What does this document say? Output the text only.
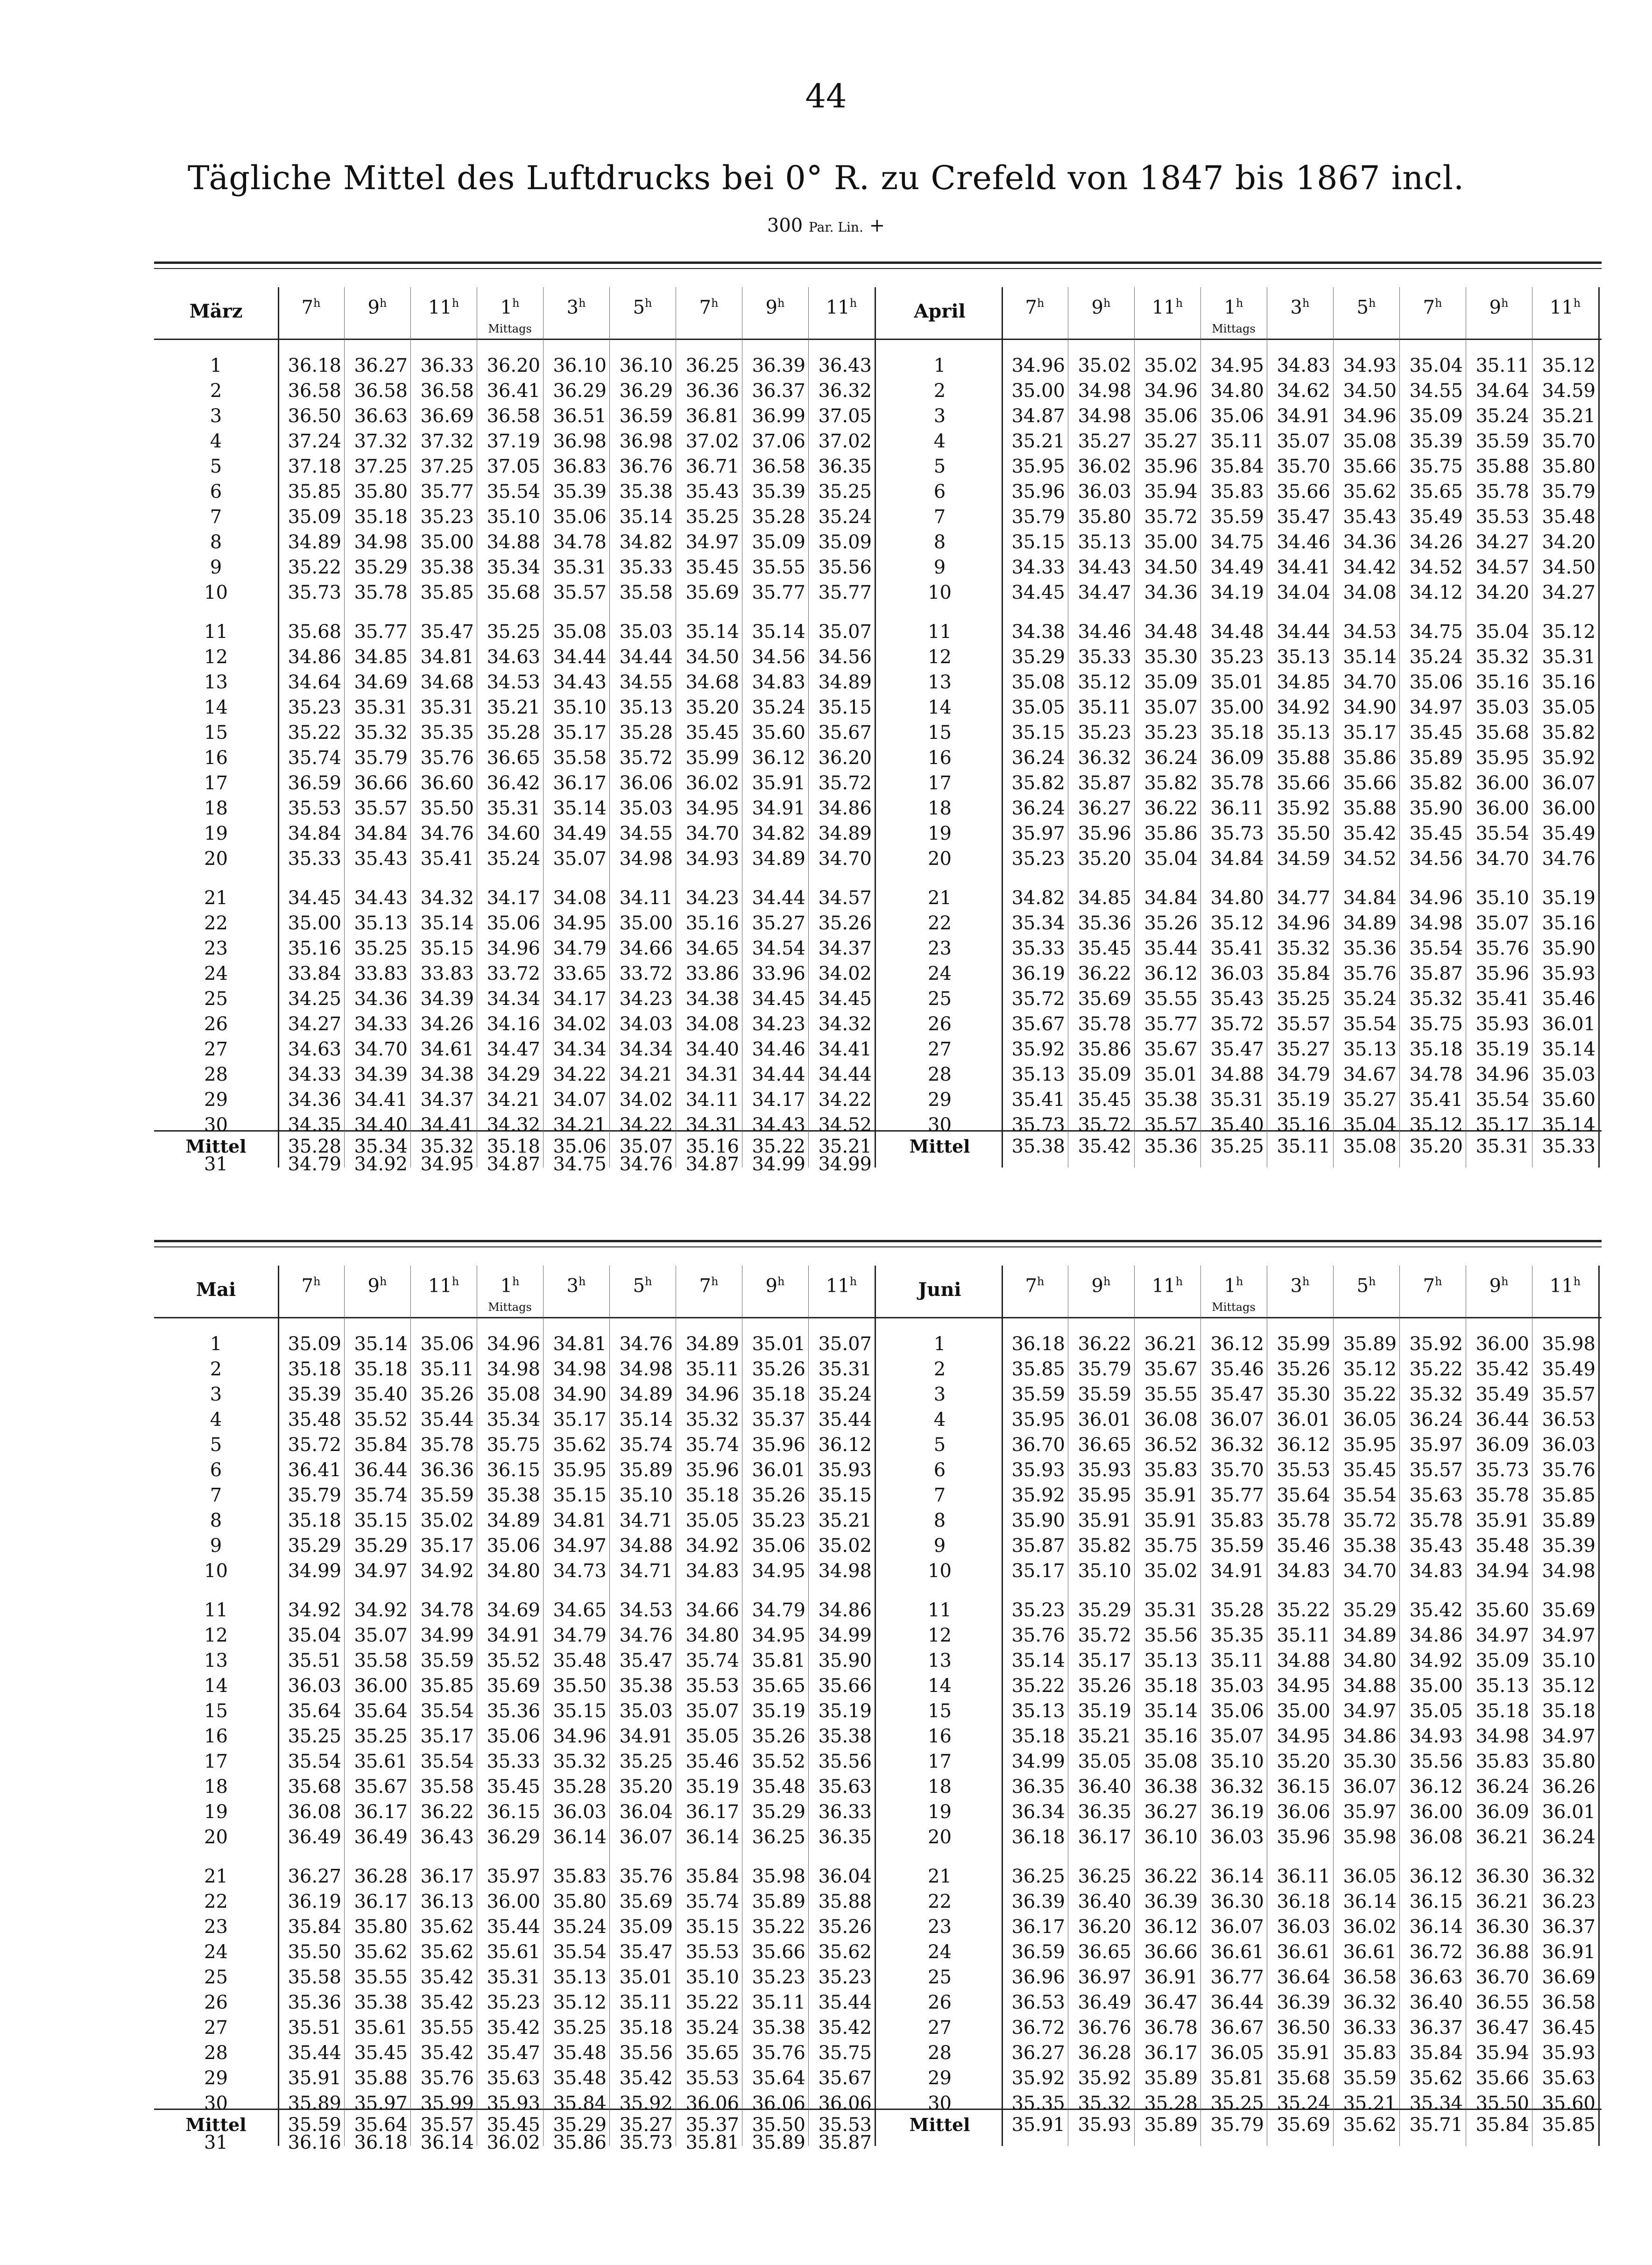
44
Tägliche Mittel des Luftdrucks bei 0° R. zu Crefeld von 1847 bis 1867 incl.
300 Par. Lin. +
März	7$^h$	9$^h$	11$^h$	1$^h$
Mittags
3$^h$	5$^h$	7$^h$	9$^h$	11$^h$
1	36.18 36.27 36.33 36.20 36.10 36.10 36.25 36.39 36.43
2	36.58 36.58 36.58 36.41 36.29 36.29 36.36 36.37 36.32
3	36.50 36.63 36.69 36.58 36.51 36.59 36.81 36.99 37.05
4	37.24 37.32 37.32 37.19 36.98 36.98 37.02 37.06 37.02
5	37.18 37.25 37.25 37.05 36.83 36.76 36.71 36.58 36.35
6	35.85 35.80 35.77 35.54 35.39 35.38 35.43 35.39 35.25
7	35.09 35.18 35.23 35.10 35.06 35.14 35.25 35.28 35.24
8	34.89 34.98 35.00 34.88 34.78 34.82 34.97 35.09 35.09
9	35.22 35.29 35.38 35.34 35.31 35.33 35.45 35.55 35.56
10	35.73 35.78 35.85 35.68 35.57 35.58 35.69 35.77 35.77
11	35.68 35.77 35.47 35.25 35.08 35.03 35.14 35.14 35.07
12	34.86 34.85 34.81 34.63 34.44 34.44 34.50 34.56 34.56
13	34.64 34.69 34.68 34.53 34.43 34.55 34.68 34.83 34.89
14	35.23 35.31 35.31 35.21 35.10 35.13 35.20 35.24 35.15
15	35.22 35.32 35.35 35.28 35.17 35.28 35.45 35.60 35.67
16	35.74 35.79 35.76 36.65 35.58 35.72 35.99 36.12 36.20
17	36.59 36.66 36.60 36.42 36.17 36.06 36.02 35.91 35.72
18	35.53 35.57 35.50 35.31 35.14 35.03 34.95 34.91 34.86
19	34.84 34.84 34.76 34.60 34.49 34.55 34.70 34.82 34.89
20	35.33 35.43 35.41 35.24 35.07 34.98 34.93 34.89 34.70
21	34.45 34.43 34.32 34.17 34.08 34.11 34.23 34.44 34.57
22	35.00 35.13 35.14 35.06 34.95 35.00 35.16 35.27 35.26
23	35.16 35.25 35.15 34.96 34.79 34.66 34.65 34.54 34.37
24	33.84 33.83 33.83 33.72 33.65 33.72 33.86 33.96 34.02
25	34.25 34.36 34.39 34.34 34.17 34.23 34.38 34.45 34.45
26	34.27 34.33 34.26 34.16 34.02 34.03 34.08 34.23 34.32
27	34.63 34.70 34.61 34.47 34.34 34.34 34.40 34.46 34.41
28	34.33 34.39 34.38 34.29 34.22 34.21 34.31 34.44 34.44
29	34.36 34.41 34.37 34.21 34.07 34.02 34.11 34.17 34.22
30	34.35 34.40 34.41 34.32 34.21 34.22 34.31 34.43 34.52
31	34.79 34.92 34.95 34.87 34.75 34.76 34.87 34.99 34.99
Mittel	35.28 35.34 35.32 35.18 35.06 35.07 35.16 35.22 35.21
April	7$^h$	9$^h$	11$^h$	1$^h$
Mittags
3$^h$	5$^h$	7$^h$	9$^h$	11$^h$
1	34.96 35.02 35.02 34.95 34.83 34.93 35.04 35.11 35.12
2	35.00 34.98 34.96 34.80 34.62 34.50 34.55 34.64 34.59
3	34.87 34.98 35.06 35.06 34.91 34.96 35.09 35.24 35.21
4	35.21 35.27 35.27 35.11 35.07 35.08 35.39 35.59 35.70
5	35.95 36.02 35.96 35.84 35.70 35.66 35.75 35.88 35.80
6	35.96 36.03 35.94 35.83 35.66 35.62 35.65 35.78 35.79
7	35.79 35.80 35.72 35.59 35.47 35.43 35.49 35.53 35.48
8	35.15 35.13 35.00 34.75 34.46 34.36 34.26 34.27 34.20
9	34.33 34.43 34.50 34.49 34.41 34.42 34.52 34.57 34.50
10	34.45 34.47 34.36 34.19 34.04 34.08 34.12 34.20 34.27
11	34.38 34.46 34.48 34.48 34.44 34.53 34.75 35.04 35.12
12	35.29 35.33 35.30 35.23 35.13 35.14 35.24 35.32 35.31
13	35.08 35.12 35.09 35.01 34.85 34.70 35.06 35.16 35.16
14	35.05 35.11 35.07 35.00 34.92 34.90 34.97 35.03 35.05
15	35.15 35.23 35.23 35.18 35.13 35.17 35.45 35.68 35.82
16	36.24 36.32 36.24 36.09 35.88 35.86 35.89 35.95 35.92
17	35.82 35.87 35.82 35.78 35.66 35.66 35.82 36.00 36.07
18	36.24 36.27 36.22 36.11 35.92 35.88 35.90 36.00 36.00
19	35.97 35.96 35.86 35.73 35.50 35.42 35.45 35.54 35.49
20	35.23 35.20 35.04 34.84 34.59 34.52 34.56 34.70 34.76
21	34.82 34.85 34.84 34.80 34.77 34.84 34.96 35.10 35.19
22	35.34 35.36 35.26 35.12 34.96 34.89 34.98 35.07 35.16
23	35.33 35.45 35.44 35.41 35.32 35.36 35.54 35.76 35.90
24	36.19 36.22 36.12 36.03 35.84 35.76 35.87 35.96 35.93
25	35.72 35.69 35.55 35.43 35.25 35.24 35.32 35.41 35.46
26	35.67 35.78 35.77 35.72 35.57 35.54 35.75 35.93 36.01
27	35.92 35.86 35.67 35.47 35.27 35.13 35.18 35.19 35.14
28	35.13 35.09 35.01 34.88 34.79 34.67 34.78 34.96 35.03
29	35.41 35.45 35.38 35.31 35.19 35.27 35.41 35.54 35.60
30	35.73 35.72 35.57 35.40 35.16 35.04 35.12 35.17 35.14
Mittel	35.38 35.42 35.36 35.25 35.11 35.08 35.20 35.31 35.33
Mai	7$^h$	9$^h$	11$^h$	1$^h$
Mittags
3$^h$	5$^h$	7$^h$	9$^h$	11$^h$
1	35.09 35.14 35.06 34.96 34.81 34.76 34.89 35.01 35.07
2	35.18 35.18 35.11 34.98 34.98 34.98 35.11 35.26 35.31
3	35.39 35.40 35.26 35.08 34.90 34.89 34.96 35.18 35.24
4	35.48 35.52 35.44 35.34 35.17 35.14 35.32 35.37 35.44
5	35.72 35.84 35.78 35.75 35.62 35.74 35.74 35.96 36.12
6	36.41 36.44 36.36 36.15 35.95 35.89 35.96 36.01 35.93
7	35.79 35.74 35.59 35.38 35.15 35.10 35.18 35.26 35.15
8	35.18 35.15 35.02 34.89 34.81 34.71 35.05 35.23 35.21
9	35.29 35.29 35.17 35.06 34.97 34.88 34.92 35.06 35.02
10	34.99 34.97 34.92 34.80 34.73 34.71 34.83 34.95 34.98
11	34.92 34.92 34.78 34.69 34.65 34.53 34.66 34.79 34.86
12	35.04 35.07 34.99 34.91 34.79 34.76 34.80 34.95 34.99
13	35.51 35.58 35.59 35.52 35.48 35.47 35.74 35.81 35.90
14	36.03 36.00 35.85 35.69 35.50 35.38 35.53 35.65 35.66
15	35.64 35.64 35.54 35.36 35.15 35.03 35.07 35.19 35.19
16	35.25 35.25 35.17 35.06 34.96 34.91 35.05 35.26 35.38
17	35.54 35.61 35.54 35.33 35.32 35.25 35.46 35.52 35.56
18	35.68 35.67 35.58 35.45 35.28 35.20 35.19 35.48 35.63
19	36.08 36.17 36.22 36.15 36.03 36.04 36.17 35.29 36.33
20	36.49 36.49 36.43 36.29 36.14 36.07 36.14 36.25 36.35
21	36.27 36.28 36.17 35.97 35.83 35.76 35.84 35.98 36.04
22	36.19 36.17 36.13 36.00 35.80 35.69 35.74 35.89 35.88
23	35.84 35.80 35.62 35.44 35.24 35.09 35.15 35.22 35.26
24	35.50 35.62 35.62 35.61 35.54 35.47 35.53 35.66 35.62
25	35.58 35.55 35.42 35.31 35.13 35.01 35.10 35.23 35.23
26	35.36 35.38 35.42 35.23 35.12 35.11 35.22 35.11 35.44
27	35.51 35.61 35.55 35.42 35.25 35.18 35.24 35.38 35.42
28	35.44 35.45 35.42 35.47 35.48 35.56 35.65 35.76 35.75
29	35.91 35.88 35.76 35.63 35.48 35.42 35.53 35.64 35.67
30	35.89 35.97 35.99 35.93 35.84 35.92 36.06 36.06 36.06
31	36.16 36.18 36.14 36.02 35.86 35.73 35.81 35.89 35.87
Mittel	35.59 35.64 35.57 35.45 35.29 35.27 35.37 35.50 35.53
Juni	7$^h$	9$^h$	11$^h$	1$^h$
Mittags
3$^h$	5$^h$	7$^h$	9$^h$	11$^h$
1	36.18 36.22 36.21 36.12 35.99 35.89 35.92 36.00 35.98
2	35.85 35.79 35.67 35.46 35.26 35.12 35.22 35.42 35.49
3	35.59 35.59 35.55 35.47 35.30 35.22 35.32 35.49 35.57
4	35.95 36.01 36.08 36.07 36.01 36.05 36.24 36.44 36.53
5	36.70 36.65 36.52 36.32 36.12 35.95 35.97 36.09 36.03
6	35.93 35.93 35.83 35.70 35.53 35.45 35.57 35.73 35.76
7	35.92 35.95 35.91 35.77 35.64 35.54 35.63 35.78 35.85
8	35.90 35.91 35.91 35.83 35.78 35.72 35.78 35.91 35.89
9	35.87 35.82 35.75 35.59 35.46 35.38 35.43 35.48 35.39
10	35.17 35.10 35.02 34.91 34.83 34.70 34.83 34.94 34.98
11	35.23 35.29 35.31 35.28 35.22 35.29 35.42 35.60 35.69
12	35.76 35.72 35.56 35.35 35.11 34.89 34.86 34.97 34.97
13	35.14 35.17 35.13 35.11 34.88 34.80 34.92 35.09 35.10
14	35.22 35.26 35.18 35.03 34.95 34.88 35.00 35.13 35.12
15	35.13 35.19 35.14 35.06 35.00 34.97 35.05 35.18 35.18
16	35.18 35.21 35.16 35.07 34.95 34.86 34.93 34.98 34.97
17	34.99 35.05 35.08 35.10 35.20 35.30 35.56 35.83 35.80
18	36.35 36.40 36.38 36.32 36.15 36.07 36.12 36.24 36.26
19	36.34 36.35 36.27 36.19 36.06 35.97 36.00 36.09 36.01
20	36.18 36.17 36.10 36.03 35.96 35.98 36.08 36.21 36.24
21	36.25 36.25 36.22 36.14 36.11 36.05 36.12 36.30 36.32
22	36.39 36.40 36.39 36.30 36.18 36.14 36.15 36.21 36.23
23	36.17 36.20 36.12 36.07 36.03 36.02 36.14 36.30 36.37
24	36.59 36.65 36.66 36.61 36.61 36.61 36.72 36.88 36.91
25	36.96 36.97 36.91 36.77 36.64 36.58 36.63 36.70 36.69
26	36.53 36.49 36.47 36.44 36.39 36.32 36.40 36.55 36.58
27	36.72 36.76 36.78 36.67 36.50 36.33 36.37 36.47 36.45
28	36.27 36.28 36.17 36.05 35.91 35.83 35.84 35.94 35.93
29	35.92 35.92 35.89 35.81 35.68 35.59 35.62 35.66 35.63
30	35.35 35.32 35.28 35.25 35.24 35.21 35.34 35.50 35.60
Mittel	35.91 35.93 35.89 35.79 35.69 35.62 35.71 35.84 35.85
